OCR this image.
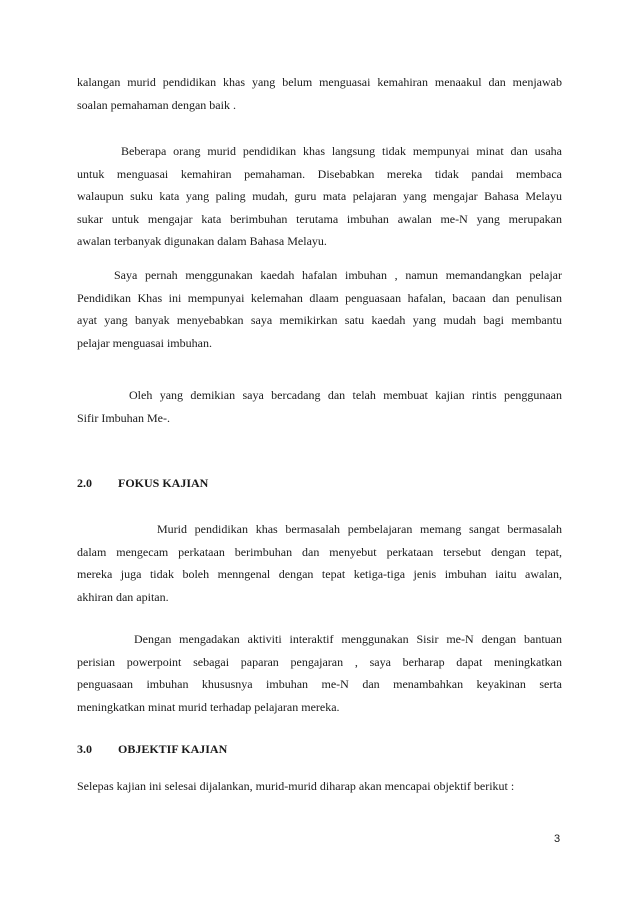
kalangan murid pendidikan khas yang belum menguasai kemahiran menaakul dan menjawab
soalan pemahaman dengan baik .
Beberapa orang murid pendidikan khas langsung tidak mempunyai minat dan usaha
untuk menguasai kemahiran pemahaman. Disebabkan mereka tidak pandai membaca
walaupun suku kata yang paling mudah, guru mata pelajaran yang mengajar Bahasa Melayu
sukar untuk mengajar kata berimbuhan terutama imbuhan awalan me-N yang merupakan
awalan terbanyak digunakan dalam Bahasa Melayu.
Saya pernah menggunakan kaedah hafalan imbuhan , namun memandangkan pelajar
Pendidikan Khas ini mempunyai kelemahan dlaam penguasaan hafalan, bacaan dan penulisan
ayat yang banyak menyebabkan saya memikirkan satu kaedah yang mudah bagi membantu
pelajar menguasai imbuhan.
Oleh yang demikian saya bercadang dan telah membuat kajian rintis penggunaan
Sifir Imbuhan Me-.
2.0 FOKUS KAJIAN
Murid pendidikan khas bermasalah pembelajaran memang sangat bermasalah
dalam mengecam perkataan berimbuhan dan menyebut perkataan tersebut dengan tepat,
mereka juga tidak boleh menngenal dengan tepat ketiga-tiga jenis imbuhan iaitu awalan,
akhiran dan apitan.
Dengan mengadakan aktiviti interaktif menggunakan Sisir me-N dengan bantuan
perisian powerpoint sebagai paparan pengajaran , saya berharap dapat meningkatkan
penguasaan imbuhan khususnya imbuhan me-N dan menambahkan keyakinan serta
meningkatkan minat murid terhadap pelajaran mereka.
3.0 OBJEKTIF KAJIAN
Selepas kajian ini selesai dijalankan, murid-murid diharap akan mencapai objektif berikut :
3
